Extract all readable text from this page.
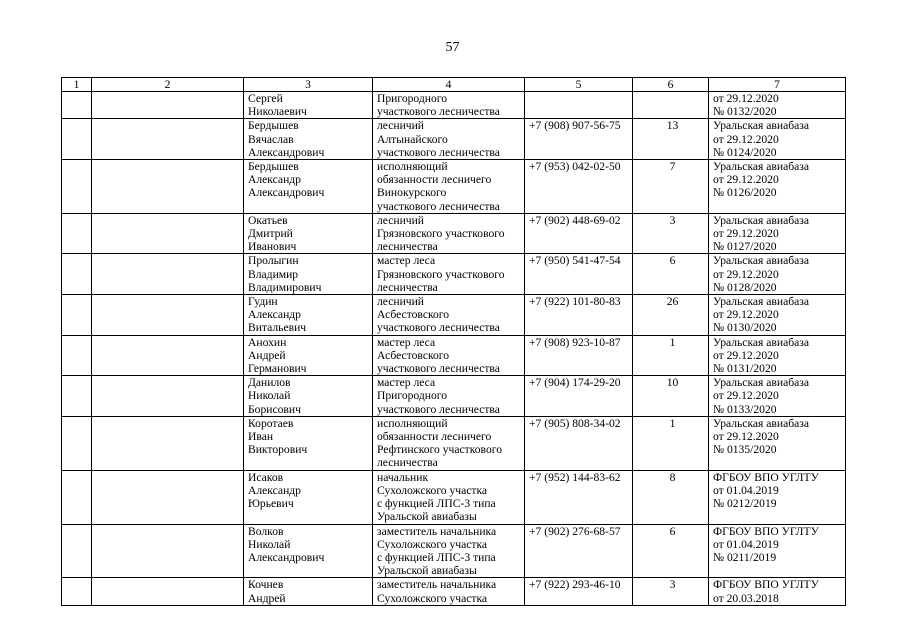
57
1	2	3	4	5	6	7

		Сергей
Николаевич	Пригородного
участкового лесничества			от 29.12.2020
№ 0132/2020

		Бердышев
Вячаслав
Александрович	лесничий
Алтынайского
участкового лесничества	+7 (908) 907-56-75	13	Уральская авиабаза
от 29.12.2020
№ 0124/2020

		Бердышев
Александр
Александрович	исполняющий
обязанности лесничего
Винокурского
участкового лесничества	+7 (953) 042-02-50	7	Уральская авиабаза
от 29.12.2020
№ 0126/2020

		Окатьев
Дмитрий
Иванович	лесничий
Грязновского участкового
лесничества	+7 (902) 448-69-02	3	Уральская авиабаза
от 29.12.2020
№ 0127/2020

		Пролыгин
Владимир
Владимирович	мастер леса
Грязновского участкового
лесничества	+7 (950) 541-47-54	6	Уральская авиабаза
от 29.12.2020
№ 0128/2020

		Гудин
Александр
Витальевич	лесничий
Асбестовского
участкового лесничества	+7 (922) 101-80-83	26	Уральская авиабаза
от 29.12.2020
№ 0130/2020

		Анохин
Андрей
Германович	мастер леса
Асбестовского
участкового лесничества	+7 (908) 923-10-87	1	Уральская авиабаза
от 29.12.2020
№ 0131/2020

		Данилов
Николай
Борисович	мастер леса
Пригородного
участкового лесничества	+7 (904) 174-29-20	10	Уральская авиабаза
от 29.12.2020
№ 0133/2020

		Коротаев
Иван
Викторович	исполняющий
обязанности лесничего
Рефтинского участкового
лесничества	+7 (905) 808-34-02	1	Уральская авиабаза
от 29.12.2020
№ 0135/2020

		Исаков
Александр
Юрьевич	начальник
Сухоложского участка
с функцией ЛПС-3 типа
Уральской авиабазы	+7 (952) 144-83-62	8	ФГБОУ ВПО УГЛТУ
от 01.04.2019
№ 0212/2019

		Волков
Николай
Александрович	заместитель начальника
Сухоложского участка
с функцией ЛПС-3 типа
Уральской авиабазы	+7 (902) 276-68-57	6	ФГБОУ ВПО УГЛТУ
от 01.04.2019
№ 0211/2019

		Кочнев
Андрей	заместитель начальника
Сухоложского участка	+7 (922) 293-46-10	3	ФГБОУ ВПО УГЛТУ
от 20.03.2018
